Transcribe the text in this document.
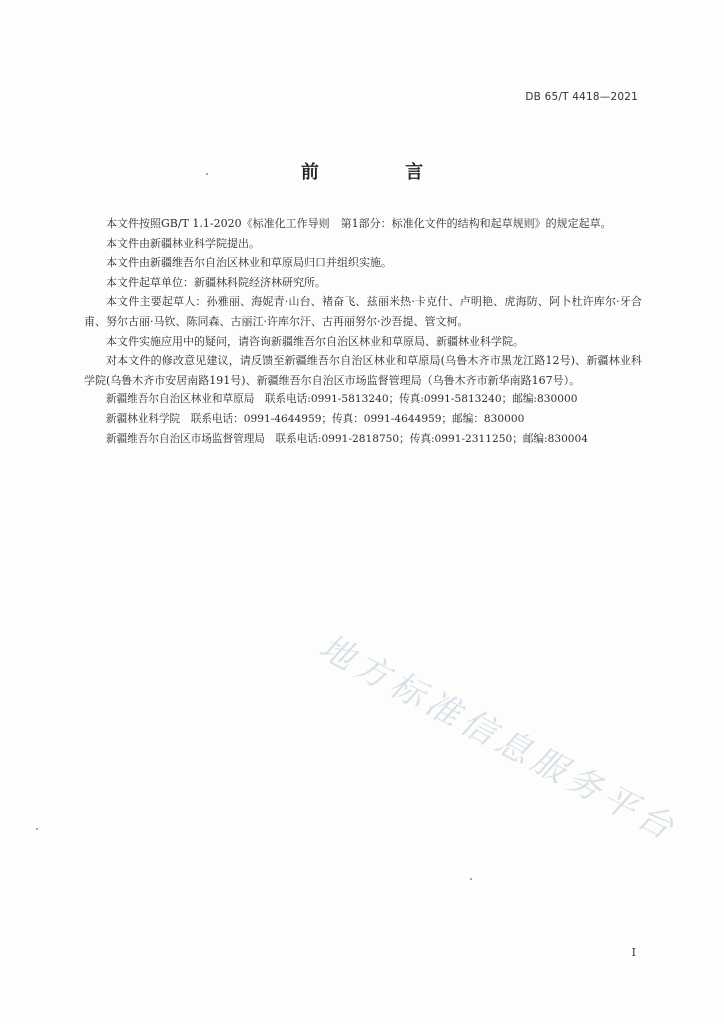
DB 65/T 4418—2021
前 言

本文件按照GB/T 1.1-2020《标准化工作导则　第1部分：标准化文件的结构和起草规则》的规定起草。

本文件由新疆林业科学院提出。

本文件由新疆维吾尔自治区林业和草原局归口并组织实施。

本文件起草单位：新疆林科院经济林研究所。

本文件主要起草人：孙雅丽、海妮青·山台、褚奋飞、兹丽米热·卡克什、卢明艳、虎海防、阿卜杜许库尔·牙合甫、努尔古丽·马钦、陈同森、古丽江·许库尔汗、古再丽努尔·沙吾提、管文柯。

本文件实施应用中的疑问，请咨询新疆维吾尔自治区林业和草原局、新疆林业科学院。

对本文件的修改意见建议，请反馈至新疆维吾尔自治区林业和草原局(乌鲁木齐市黑龙江路12号)、新疆林业科学院(乌鲁木齐市安居南路191号)、新疆维吾尔自治区市场监督管理局（乌鲁木齐市新华南路167号）。

新疆维吾尔自治区林业和草原局　联系电话:0991-5813240；传真:0991-5813240；邮编:830000
新疆林业科学院　联系电话：0991-4644959；传真：0991-4644959；邮编：830000
新疆维吾尔自治区市场监督管理局　联系电话:0991-2818750；传真:0991-2311250；邮编:830004
地方标准信息服务平台
I
